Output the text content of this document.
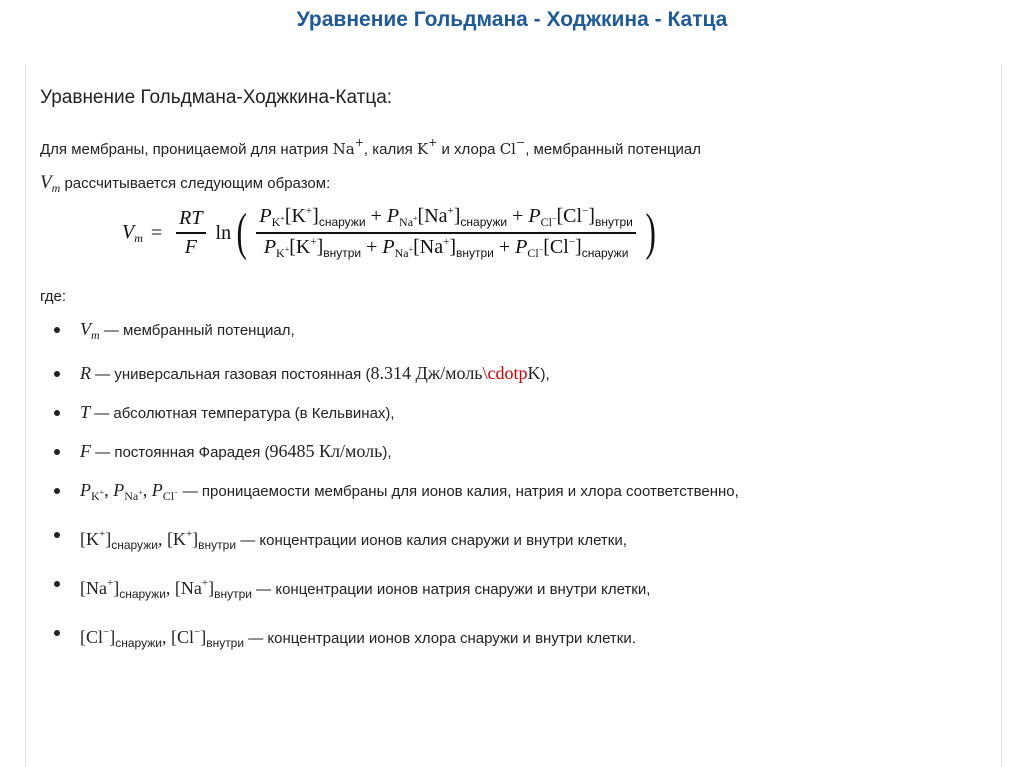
Уравнение Гольдмана - Ходжкина - Катца
Уравнение Гольдмана-Ходжкина-Катца:
Для мембраны, проницаемой для натрия Na+, калия K+ и хлора Cl−, мембранный потенциал
$V_m$ рассчитывается следующим образом:
$V_m = \frac{RT}{F}$ ln ( $\frac{P_{K^+}[K^+]_{снаружи} + P_{Na^+}[Na^+]_{снаружи} + P_{Cl^-}[Cl^-]_{внутри}}{P_{K^+}[K^+]_{внутри} + P_{Na^+}[Na^+]_{внутри} + P_{Cl^-}[Cl^-]_{снаружи}}$ )
где:
$V_m$ — мембранный потенциал,
R — универсальная газовая постоянная (8.314 Дж/моль\cdotpK),
T — абсолютная температура (в Кельвинах),
F — постоянная Фарадея (96485 Кл/моль),
$P_{K^+}$, $P_{Na^+}$, $P_{Cl^-}$ — проницаемости мембраны для ионов калия, натрия и хлора соответственно,
$[K^+]_{снаружи}$, $[K^+]_{внутри}$ — концентрации ионов калия снаружи и внутри клетки,
$[Na^+]_{снаружи}$, $[Na^+]_{внутри}$ — концентрации ионов натрия снаружи и внутри клетки,
$[Cl^-]_{снаружи}$, $[Cl^-]_{внутри}$ — концентрации ионов хлора снаружи и внутри клетки.
